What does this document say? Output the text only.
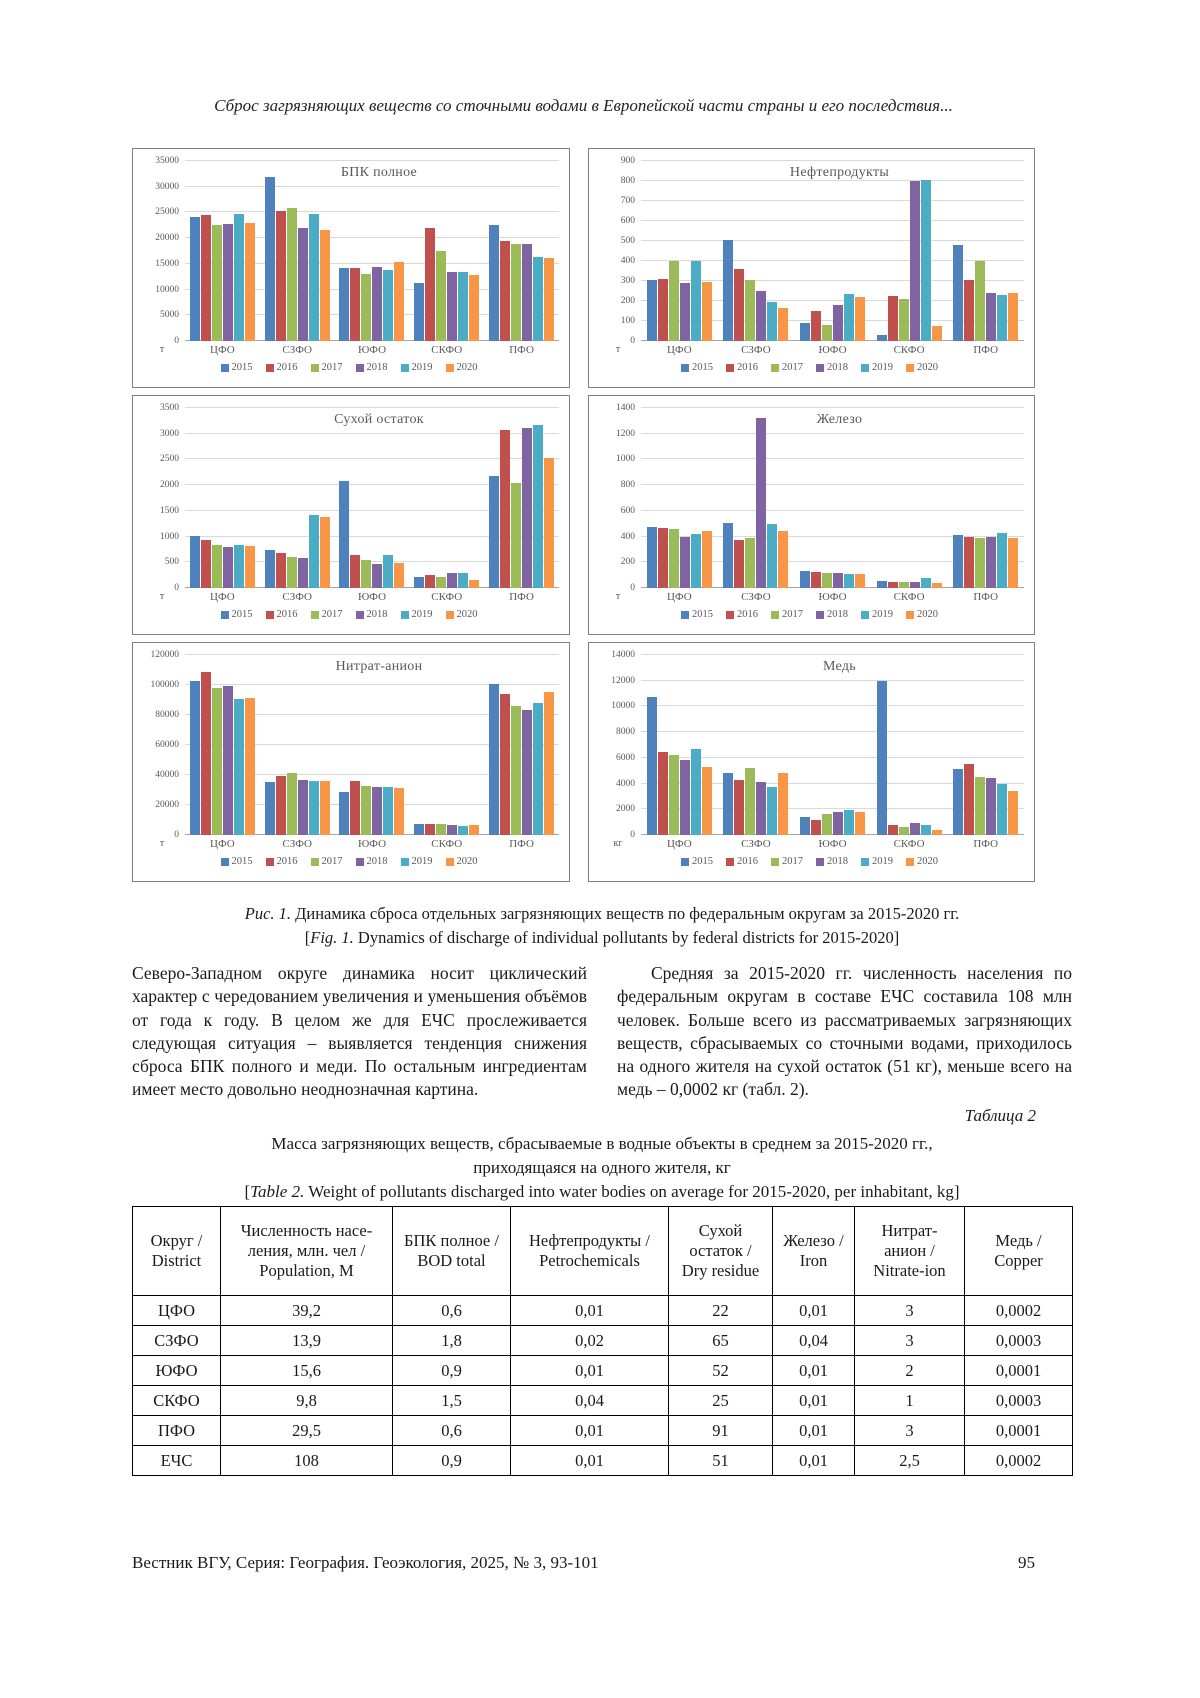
Сброс загрязняющих веществ со сточными водами в Европейской части страны и его последствия...
БПК полное
0
5000
10000
15000
20000
25000
30000
35000
т	ЦФО	СЗФО	ЮФО	СКФО	ПФО
2015 2016 2017 2018 2019 2020
Нефтепродукты
0
100
200
300
400
500
600
700
800
900
т	ЦФО	СЗФО	ЮФО	СКФО	ПФО
2015 2016 2017 2018 2019 2020
Сухой остаток
0
500
1000
1500
2000
2500
3000
3500
т	ЦФО	СЗФО	ЮФО	СКФО	ПФО
2015 2016 2017 2018 2019 2020
Железо
0
200
400
600
800
1000
1200
1400
т	ЦФО	СЗФО	ЮФО	СКФО	ПФО
2015 2016 2017 2018 2019 2020
Нитрат-анион
0
20000
40000
60000
80000
100000
120000
т	ЦФО	СЗФО	ЮФО	СКФО	ПФО
2015 2016 2017 2018 2019 2020
Медь
0
2000
4000
6000
8000
10000
12000
14000
кг	ЦФО	СЗФО	ЮФО	СКФО	ПФО
2015 2016 2017 2018 2019 2020
Рис. 1. Динамика сброса отдельных загрязняющих веществ по федеральным округам за 2015-2020 гг.
[Fig. 1. Dynamics of discharge of individual pollutants by federal districts for 2015-2020]
Северо-Западном округе динамика носит циклический характер с чередованием увеличения и уменьшения объёмов от года к году. В целом же для ЕЧС прослеживается следующая ситуация – выявляется тенденция снижения сброса БПК полного и меди. По остальным ингредиентам имеет место довольно неоднозначная картина.
Средняя за 2015-2020 гг. численность населения по федеральным округам в составе ЕЧС составила 108 млн человек. Больше всего из рассматриваемых загрязняющих веществ, сбрасываемых со сточными водами, приходилось на одного жителя на сухой остаток (51 кг), меньше всего на медь – 0,0002 кг (табл. 2).
Таблица 2
Масса загрязняющих веществ, сбрасываемые в водные объекты в среднем за 2015-2020 гг.,
приходящаяся на одного жителя, кг
[Table 2. Weight of pollutants discharged into water bodies on average for 2015-2020, per inhabitant, kg]
Округ /
District	Численность насе-
ления, млн. чел /
Population, M	БПК полное /
BOD total	Нефтепродукты /
Petrochemicals	Сухой
остаток /
Dry residue	Железо /
Iron	Нитрат-
анион /
Nitrate-ion	Медь /
Copper
ЦФО	39,2	0,6	0,01	22	0,01	3	0,0002
СЗФО	13,9	1,8	0,02	65	0,04	3	0,0003
ЮФО	15,6	0,9	0,01	52	0,01	2	0,0001
СКФО	9,8	1,5	0,04	25	0,01	1	0,0003
ПФО	29,5	0,6	0,01	91	0,01	3	0,0001
ЕЧС	108	0,9	0,01	51	0,01	2,5	0,0002
Вестник ВГУ, Серия: География. Геоэкология, 2025, № 3, 93-101	95
